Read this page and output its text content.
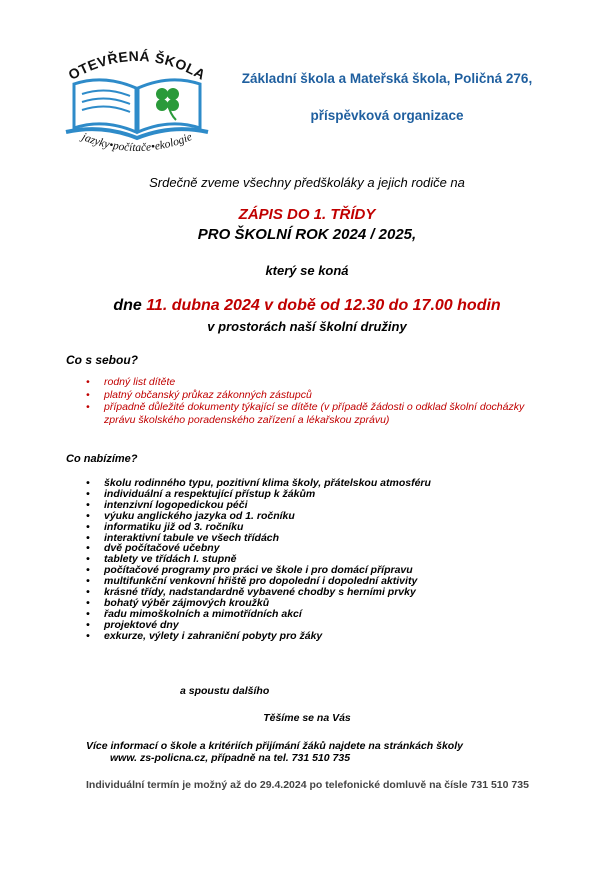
OTEVŘENÁ ŠKOLA
jazyky•počítače•ekologie
Základní škola a Mateřská škola, Poličná 276,
příspěvková organizace
Srdečně zveme všechny předškoláky a jejich rodiče na
ZÁPIS DO 1. TŘÍDY
PRO ŠKOLNÍ ROK 2024 / 2025,
který se koná
dne 11. dubna 2024 v době od 12.30 do 17.00 hodin
v prostorách naší školní družiny
Co s sebou?
• rodný list dítěte
• platný občanský průkaz zákonných zástupců
• případně důležité dokumenty týkající se dítěte (v případě žádosti o odklad školní docházky zprávu školského poradenského zařízení a lékařskou zprávu)
Co nabízíme?
• školu rodinného typu, pozitivní klima školy, přátelskou atmosféru
• individuální a respektující přístup k žákům
• intenzivní logopedickou péči
• výuku anglického jazyka od 1. ročníku
• informatiku již od 3. ročníku
• interaktivní tabule ve všech třídách
• dvě počítačové učebny
• tablety ve třídách I. stupně
• počítačové programy pro práci ve škole i pro domácí přípravu
• multifunkční venkovní hřiště pro dopolední i dopolední aktivity
• krásné třídy, nadstandardně vybavené chodby s herními prvky
• bohatý výběr zájmových kroužků
• řadu mimoškolních a mimotřídních akcí
• projektové dny
• exkurze, výlety i zahraniční pobyty pro žáky
a spoustu dalšího
Těšíme se na Vás
Více informací o škole a kritériích přijímání žáků najdete na stránkách školy
www. zs-policna.cz, případně na tel. 731 510 735
Individuální termín je možný až do 29.4.2024 po telefonické domluvě na čísle 731 510 735
